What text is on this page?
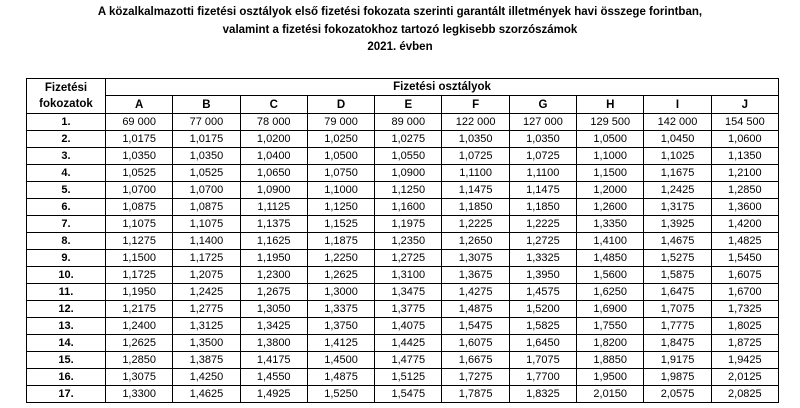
A közalkalmazotti fizetési osztályok első fizetési fokozata szerinti garantált illetmények havi összege forintban,
valamint a fizetési fokozatokhoz tartozó legkisebb szorzószámok
2021. évben
Fizetési
fokozatok	Fizetési osztályok									
	A	B	C	D	E	F	G	H	I	J
1.	69 000	77 000	78 000	79 000	89 000	122 000	127 000	129 500	142 000	154 500
2.	1,0175	1,0175	1,0200	1,0250	1,0275	1,0350	1,0350	1,0500	1,0450	1,0600
3.	1,0350	1,0350	1,0400	1,0500	1,0550	1,0725	1,0725	1,1000	1,1025	1,1350
4.	1,0525	1,0525	1,0650	1,0750	1,0900	1,1100	1,1100	1,1500	1,1675	1,2100
5.	1,0700	1,0700	1,0900	1,1000	1,1250	1,1475	1,1475	1,2000	1,2425	1,2850
6.	1,0875	1,0875	1,1125	1,1250	1,1600	1,1850	1,1850	1,2600	1,3175	1,3600
7.	1,1075	1,1075	1,1375	1,1525	1,1975	1,2225	1,2225	1,3350	1,3925	1,4200
8.	1,1275	1,1400	1,1625	1,1875	1,2350	1,2650	1,2725	1,4100	1,4675	1,4825
9.	1,1500	1,1725	1,1950	1,2250	1,2725	1,3075	1,3325	1,4850	1,5275	1,5450
10.	1,1725	1,2075	1,2300	1,2625	1,3100	1,3675	1,3950	1,5600	1,5875	1,6075
11.	1,1950	1,2425	1,2675	1,3000	1,3475	1,4275	1,4575	1,6250	1,6475	1,6700
12.	1,2175	1,2775	1,3050	1,3375	1,3775	1,4875	1,5200	1,6900	1,7075	1,7325
13.	1,2400	1,3125	1,3425	1,3750	1,4075	1,5475	1,5825	1,7550	1,7775	1,8025
14.	1,2625	1,3500	1,3800	1,4125	1,4425	1,6075	1,6450	1,8200	1,8475	1,8725
15.	1,2850	1,3875	1,4175	1,4500	1,4775	1,6675	1,7075	1,8850	1,9175	1,9425
16.	1,3075	1,4250	1,4550	1,4875	1,5125	1,7275	1,7700	1,9500	1,9875	2,0125
17.	1,3300	1,4625	1,4925	1,5250	1,5475	1,7875	1,8325	2,0150	2,0575	2,0825
